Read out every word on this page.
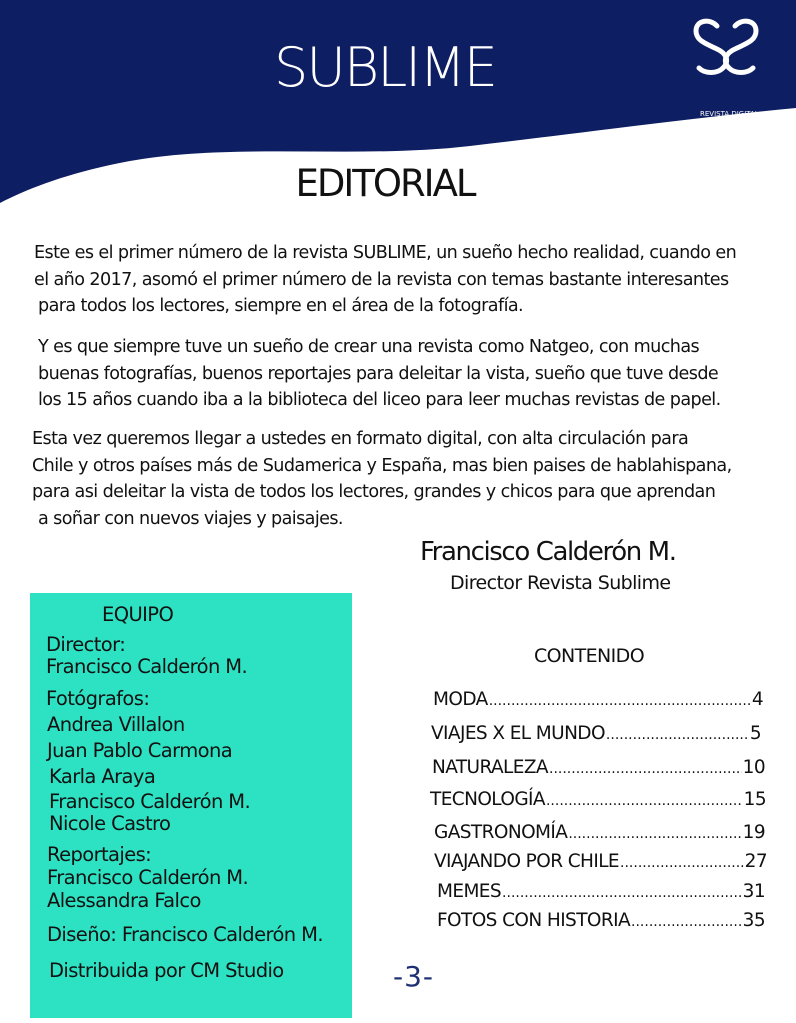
SUBLIME
REVISTA DIGITAL
EDITORIAL
Este es el primer número de la revista SUBLIME, un sueño hecho realidad, cuando en
el año 2017, asomó el primer número de la revista con temas bastante interesantes
para todos los lectores, siempre en el área de la fotografía.
Y es que siempre tuve un sueño de crear una revista como Natgeo, con muchas
buenas fotografías, buenos reportajes para deleitar la vista, sueño que tuve desde
los 15 años cuando iba a la biblioteca del liceo para leer muchas revistas de papel.
Esta vez queremos llegar a ustedes en formato digital, con alta circulación para
Chile y otros países más de Sudamerica y España, mas bien paises de hablahispana,
para asi deleitar la vista de todos los lectores, grandes y chicos para que aprendan
a soñar con nuevos viajes y paisajes.
Francisco Calderón M.
Director Revista Sublime
EQUIPO
Director:
Francisco Calderón M.
Fotógrafos:
Andrea Villalon
Juan Pablo Carmona
Karla Araya
Francisco Calderón M.
Nicole Castro
Reportajes:
Francisco Calderón M.
Alessandra Falco
Diseño: Francisco Calderón M.
Distribuida por CM Studio
CONTENIDO
MODA .....	4
VIAJES X EL MUNDO .....	5
NATURALEZA .....	10
TECNOLOGÍA .....	15
GASTRONOMÍA .....	19
VIAJANDO POR CHILE .....	27
MEMES .....	31
FOTOS CON HISTORIA .....	35
-3-
